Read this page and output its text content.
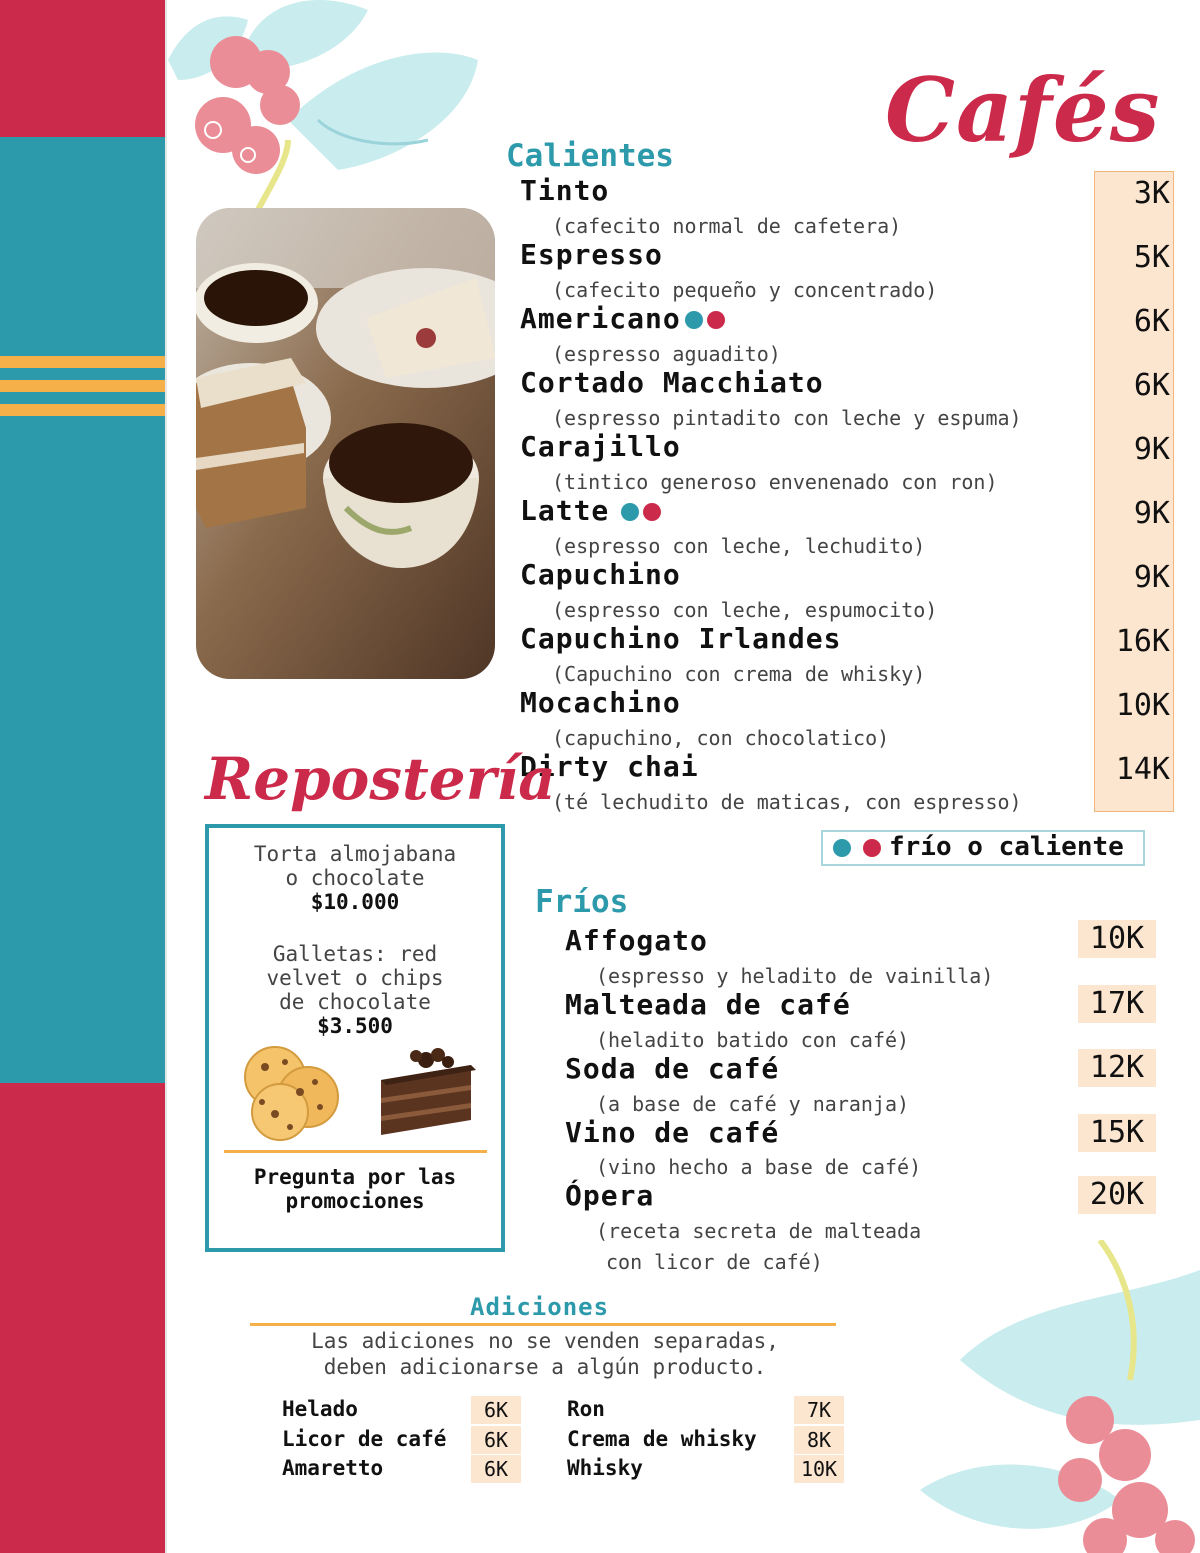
Cafés
Calientes
Tinto
(cafecito normal de cafetera)
3K
Espresso
(cafecito pequeño y concentrado)
5K
Americano
(espresso aguadito)
6K
Cortado Macchiato
(espresso pintadito con leche y espuma)
6K
Carajillo
(tintico generoso envenenado con ron)
9K
Latte
(espresso con leche, lechudito)
9K
Capuchino
(espresso con leche, espumocito)
9K
Capuchino Irlandes
(Capuchino con crema de whisky)
16K
Mocachino
(capuchino, con chocolatico)
10K
Dirty chai
(té lechudito de maticas, con espresso)
14K
frío o caliente
Repostería
Torta almojabana
o chocolate
$10.000
Galletas: red
velvet o chips
de chocolate
$3.500
Pregunta por las
promociones
Fríos
Affogato
(espresso y heladito de vainilla)
10K
Malteada de café
(heladito batido con café)
17K
Soda de café
(a base de café y naranja)
12K
Vino de café
(vino hecho a base de café)
15K
Ópera
(receta secreta de malteada
con licor de café)
20K
Adiciones
Las adiciones no se venden separadas,
deben adicionarse a algún producto.
Helado	6K
Licor de café	6K
Amaretto	6K
Ron	7K
Crema de whisky	8K
Whisky	10K
